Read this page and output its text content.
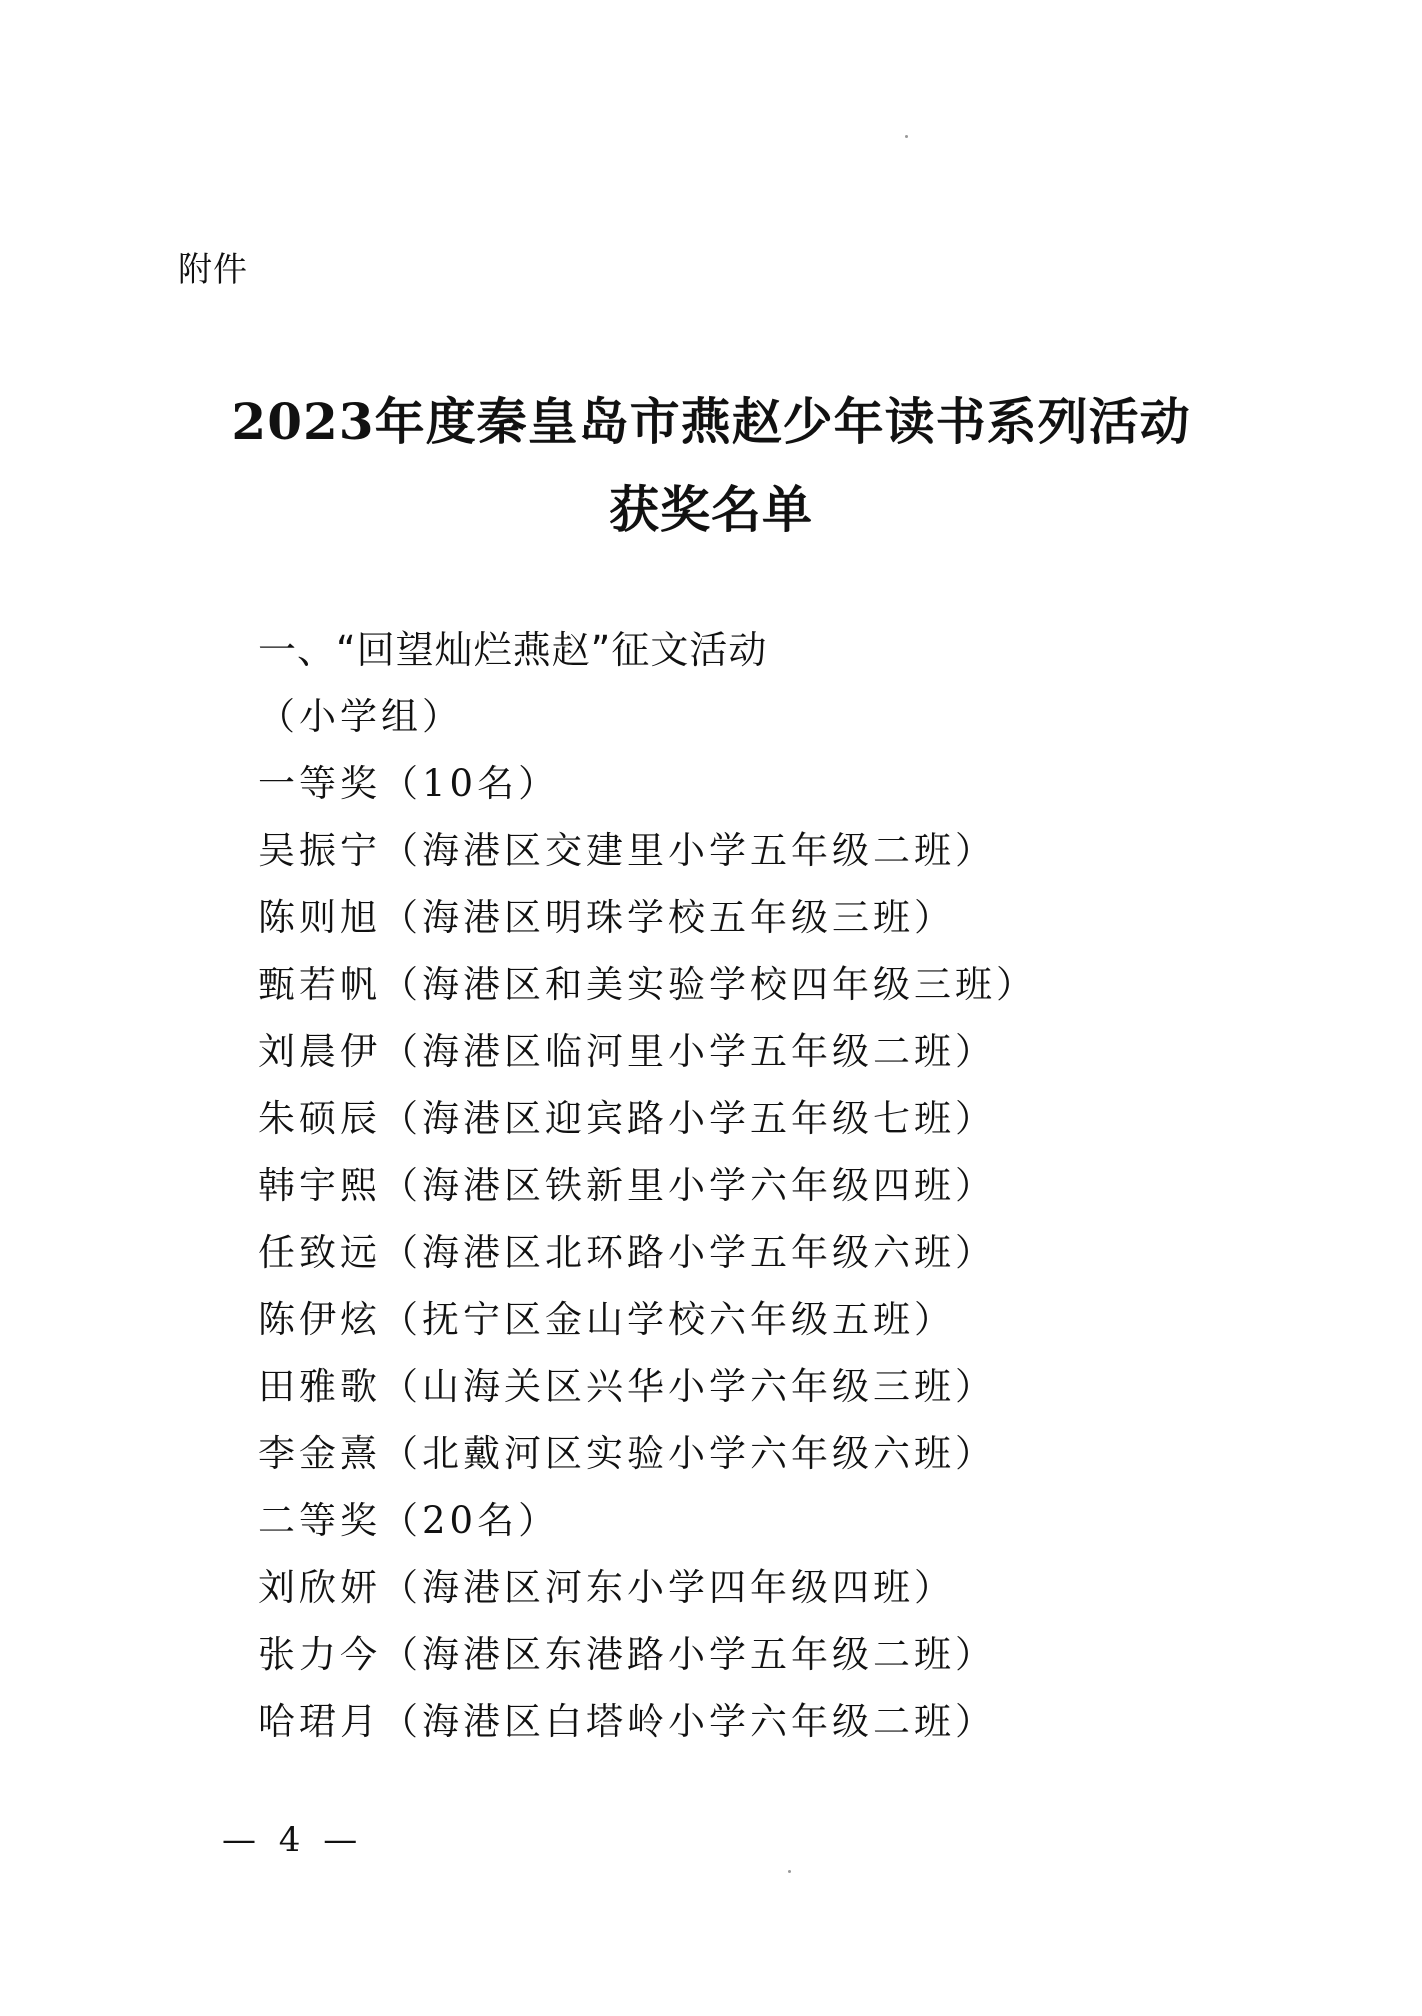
附件
2023年度秦皇岛市燕赵少年读书系列活动
获奖名单
一、“回望灿烂燕赵”征文活动
（小学组）
一等奖（10名）
吴振宁（海港区交建里小学五年级二班）
陈则旭（海港区明珠学校五年级三班）
甄若帆（海港区和美实验学校四年级三班）
刘晨伊（海港区临河里小学五年级二班）
朱硕辰（海港区迎宾路小学五年级七班）
韩宇熙（海港区铁新里小学六年级四班）
任致远（海港区北环路小学五年级六班）
陈伊炫（抚宁区金山学校六年级五班）
田雅歌（山海关区兴华小学六年级三班）
李金熹（北戴河区实验小学六年级六班）
二等奖（20名）
刘欣妍（海港区河东小学四年级四班）
张力今（海港区东港路小学五年级二班）
哈珺月（海港区白塔岭小学六年级二班）
— 4 —
